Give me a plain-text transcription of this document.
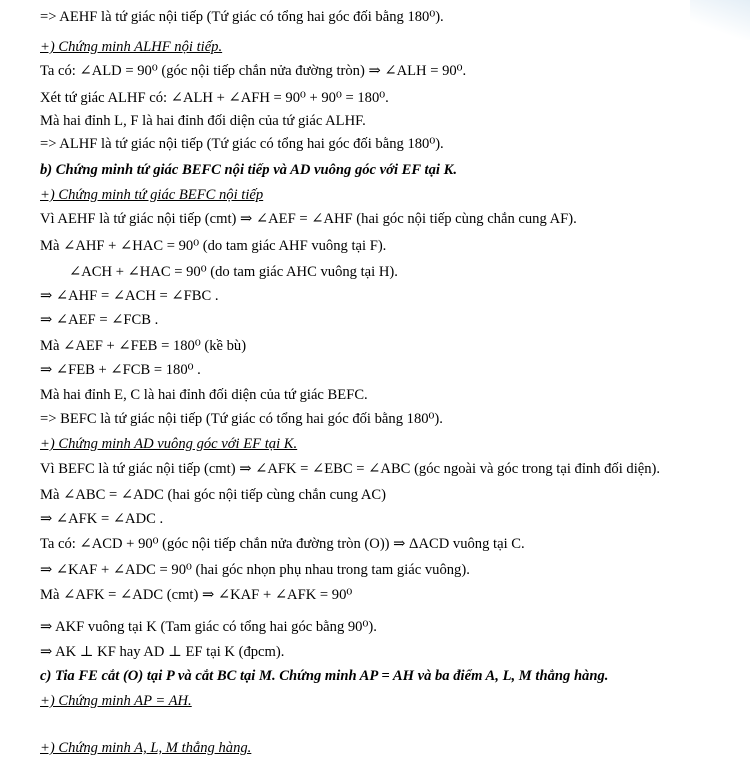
=> AEHF là tứ giác nội tiếp (Tứ giác có tổng hai góc đối bằng 180⁰).
+) Chứng minh ALHF nội tiếp.
Ta có: ∠ALD = 90⁰ (góc nội tiếp chắn nửa đường tròn) ⇒ ∠ALH = 90⁰.
Xét tứ giác ALHF có: ∠ALH + ∠AFH = 90⁰ + 90⁰ = 180⁰.
Mà hai đỉnh L, F là hai đỉnh đối diện của tứ giác ALHF.
=> ALHF là tứ giác nội tiếp (Tứ giác có tổng hai góc đối bằng 180⁰).
b) Chứng minh tứ giác BEFC nội tiếp và AD vuông góc với EF tại K.
+) Chứng minh tứ giác BEFC nội tiếp
Vì AEHF là tứ giác nội tiếp (cmt) ⇒ ∠AEF = ∠AHF (hai góc nội tiếp cùng chắn cung AF).
Mà ∠AHF + ∠HAC = 90⁰ (do tam giác AHF vuông tại F).
∠ACH + ∠HAC = 90⁰ (do tam giác AHC vuông tại H).
⇒ ∠AHF = ∠ACH = ∠FBC .
⇒ ∠AEF = ∠FCB .
Mà ∠AEF + ∠FEB = 180⁰ (kề bù)
⇒ ∠FEB + ∠FCB = 180⁰ .
Mà hai đỉnh E, C là hai đỉnh đối diện của tứ giác BEFC.
=> BEFC là tứ giác nội tiếp (Tứ giác có tổng hai góc đối bằng 180⁰).
+) Chứng minh AD vuông góc với EF tại K.
Vì BEFC là tứ giác nội tiếp (cmt) ⇒ ∠AFK = ∠EBC = ∠ABC (góc ngoài và góc trong tại đỉnh đối diện).
Mà ∠ABC = ∠ADC (hai góc nội tiếp cùng chắn cung AC)
⇒ ∠AFK = ∠ADC .
Ta có: ∠ACD + 90⁰ (góc nội tiếp chắn nửa đường tròn (O)) ⇒ ΔACD vuông tại C.
⇒ ∠KAF + ∠ADC = 90⁰ (hai góc nhọn phụ nhau trong tam giác vuông).
Mà ∠AFK = ∠ADC (cmt) ⇒ ∠KAF + ∠AFK = 90⁰
⇒ AKF vuông tại K (Tam giác có tổng hai góc bằng 90⁰).
⇒ AK ⊥ KF hay AD ⊥ EF tại K (đpcm).
c) Tia FE cắt (O) tại P và cắt BC tại M. Chứng minh AP = AH và ba điểm A, L, M thẳng hàng.
+) Chứng minh AP = AH.
+) Chứng minh A, L, M thẳng hàng.
